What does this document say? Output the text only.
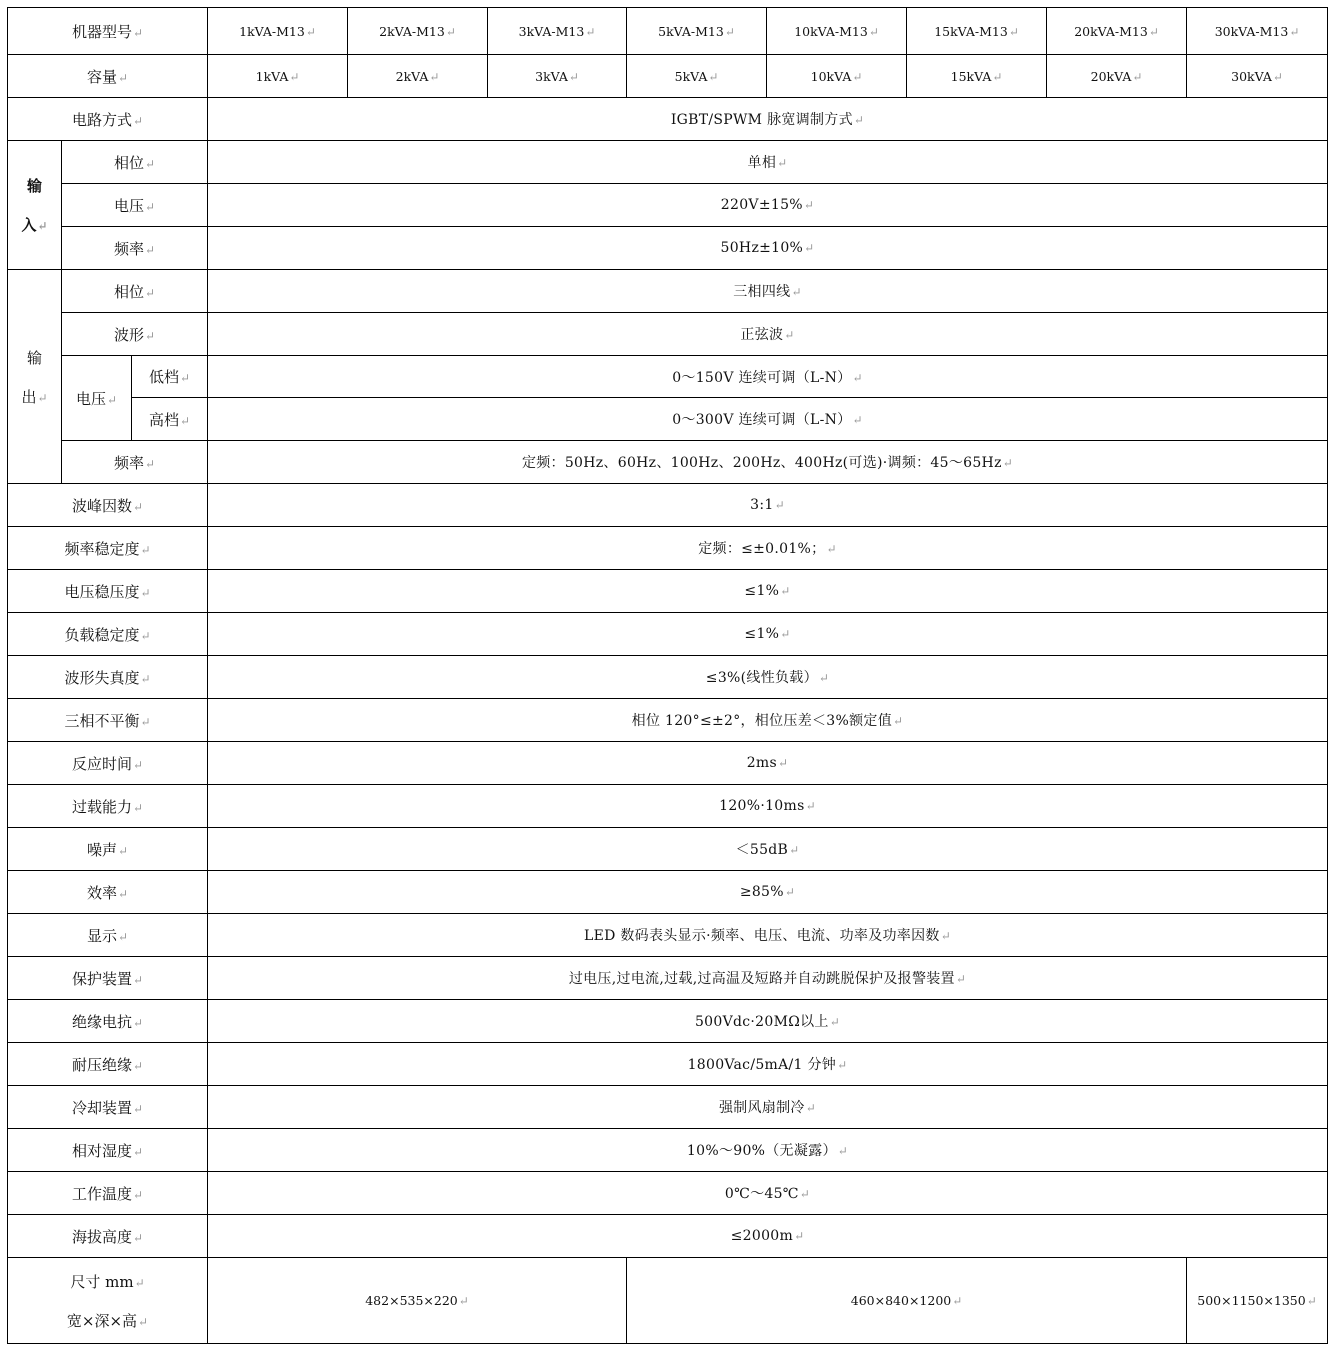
机器型号 ↵			1kVA-M13 ↵	2kVA-M13 ↵	3kVA-M13 ↵	5kVA-M13 ↵	10kVA-M13 ↵	15kVA-M13 ↵	20kVA-M13 ↵	30kVA-M13 ↵
容量 ↵			1kVA ↵	2kVA ↵	3kVA ↵	5kVA ↵	10kVA ↵	15kVA ↵	20kVA ↵	30kVA ↵
电路方式 ↵			IGBT/SPWM 脉宽调制方式 ↵

输
入 ↵	相位 ↵		单相 ↵
	电压 ↵		220V±15% ↵
	频率 ↵		50Hz±10% ↵

输
出 ↵	相位 ↵		三相四线 ↵
	波形 ↵		正弦波 ↵
	电压 ↵	低档 ↵	0～150V 连续可调（L-N） ↵
		高档 ↵	0～300V 连续可调（L-N） ↵
	频率 ↵		定频：50Hz、60Hz、100Hz、200Hz、400Hz(可选)·调频：45～65Hz ↵
波峰因数 ↵			3:1 ↵
频率稳定度 ↵			定频：≤±0.01%； ↵
电压稳压度 ↵			≤1% ↵
负载稳定度 ↵			≤1% ↵
波形失真度 ↵			≤3%(线性负载） ↵
三相不平衡 ↵			相位 120°≤±2°，相位压差＜3%额定值 ↵
反应时间 ↵			2ms ↵
过载能力 ↵			120%·10ms ↵
噪声 ↵			＜55dB ↵
效率 ↵			≥85% ↵
显示 ↵			LED 数码表头显示·频率、电压、电流、功率及功率因数 ↵
保护装置 ↵			过电压,过电流,过载,过高温及短路并自动跳脱保护及报警装置 ↵
绝缘电抗 ↵			500Vdc·20MΩ以上 ↵
耐压绝缘 ↵			1800Vac/5mA/1 分钟 ↵
冷却装置 ↵			强制风扇制冷 ↵
相对湿度 ↵			10%～90%（无凝露） ↵
工作温度 ↵			0℃～45℃ ↵
海拔高度 ↵			≤2000m ↵

尺寸 mm ↵
宽×深×高 ↵			482×535×220 ↵			460×840×1200 ↵				500×1150×1350 ↵
